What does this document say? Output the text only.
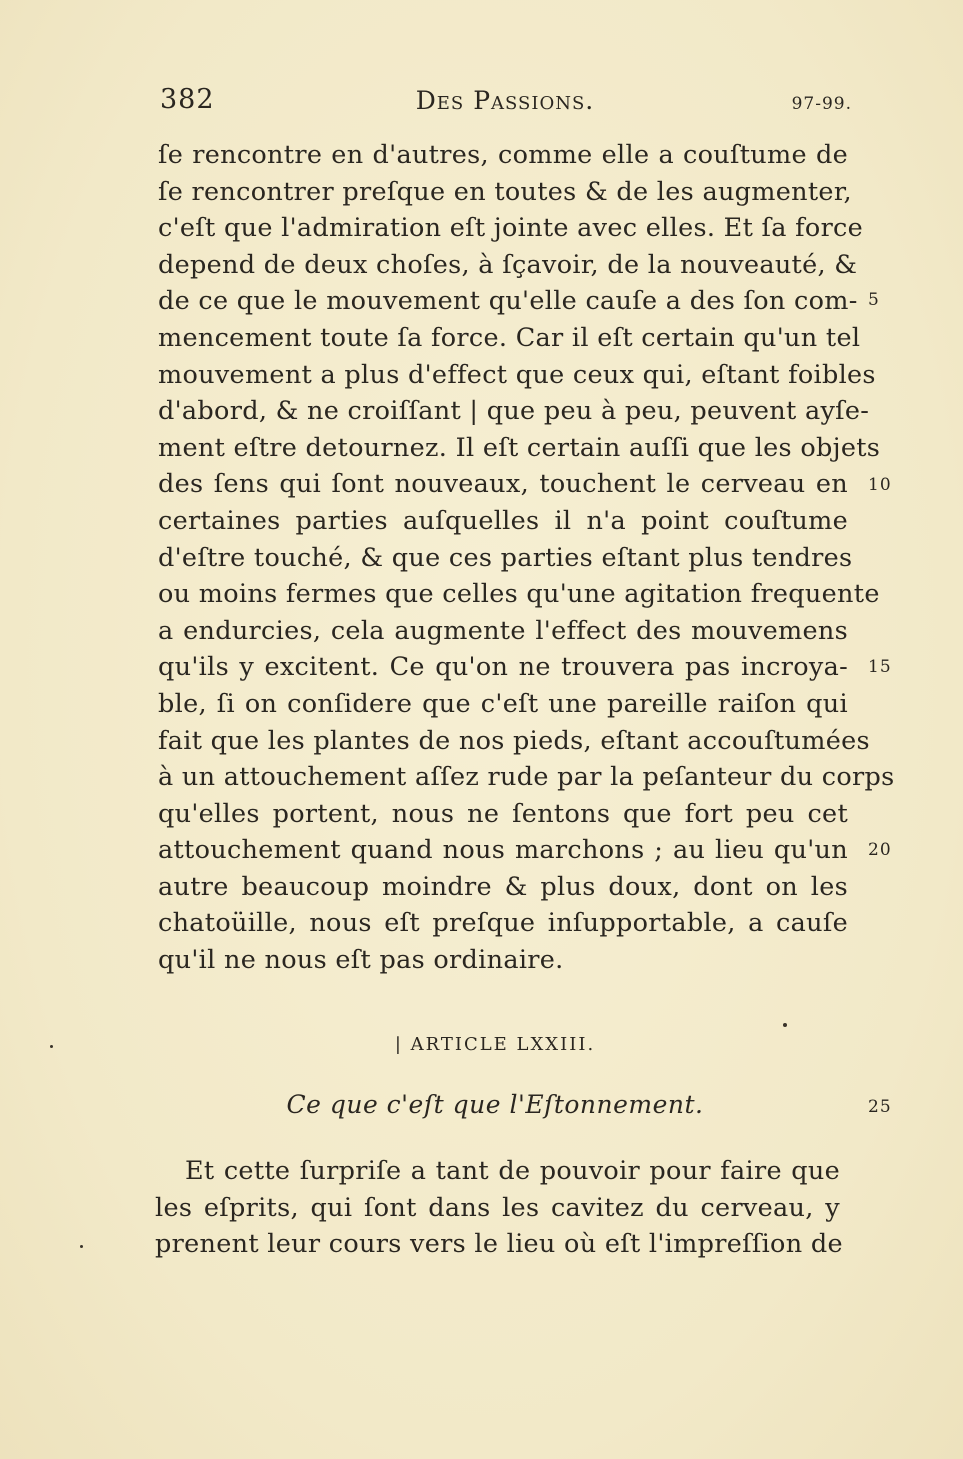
382	Des Passions.	97-99.
ſe rencontre en d'autres, comme elle a couſtume de
ſe rencontrer preſque en toutes & de les augmenter,
c'eſt que l'admiration eſt jointe avec elles. Et ſa force
depend de deux choſes, à ſçavoir, de la nouveauté, &
de ce que le mouvement qu'elle cauſe a des ſon com-
mencement toute ſa force. Car il eſt certain qu'un tel
mouvement a plus d'effect que ceux qui, eſtant foibles
d'abord, & ne croiſſant | que peu à peu, peuvent ayſe-
ment eſtre detournez. Il eſt certain auſſi que les objets
des ſens qui ſont nouveaux, touchent le cerveau en
certaines parties auſquelles il n'a point couſtume
d'eſtre touché, & que ces parties eſtant plus tendres
ou moins fermes que celles qu'une agitation frequente
a endurcies, cela augmente l'effect des mouvemens
qu'ils y excitent. Ce qu'on ne trouvera pas incroya-
ble, ſi on conſidere que c'eſt une pareille raiſon qui
fait que les plantes de nos pieds, eſtant accouſtumées
à un attouchement aſſez rude par la peſanteur du corps
qu'elles portent, nous ne ſentons que fort peu cet
attouchement quand nous marchons ; au lieu qu'un
autre beaucoup moindre & plus doux, dont on les
chatoüille, nous eſt preſque inſupportable, a cauſe
qu'il ne nous eſt pas ordinaire.
5
10
15
20
25
| ARTICLE LXXIII.
Ce que c'eſt que l'Eſtonnement.
Et cette ſurpriſe a tant de pouvoir pour faire que
les eſprits, qui ſont dans les cavitez du cerveau, y
prenent leur cours vers le lieu où eſt l'impreſſion de
